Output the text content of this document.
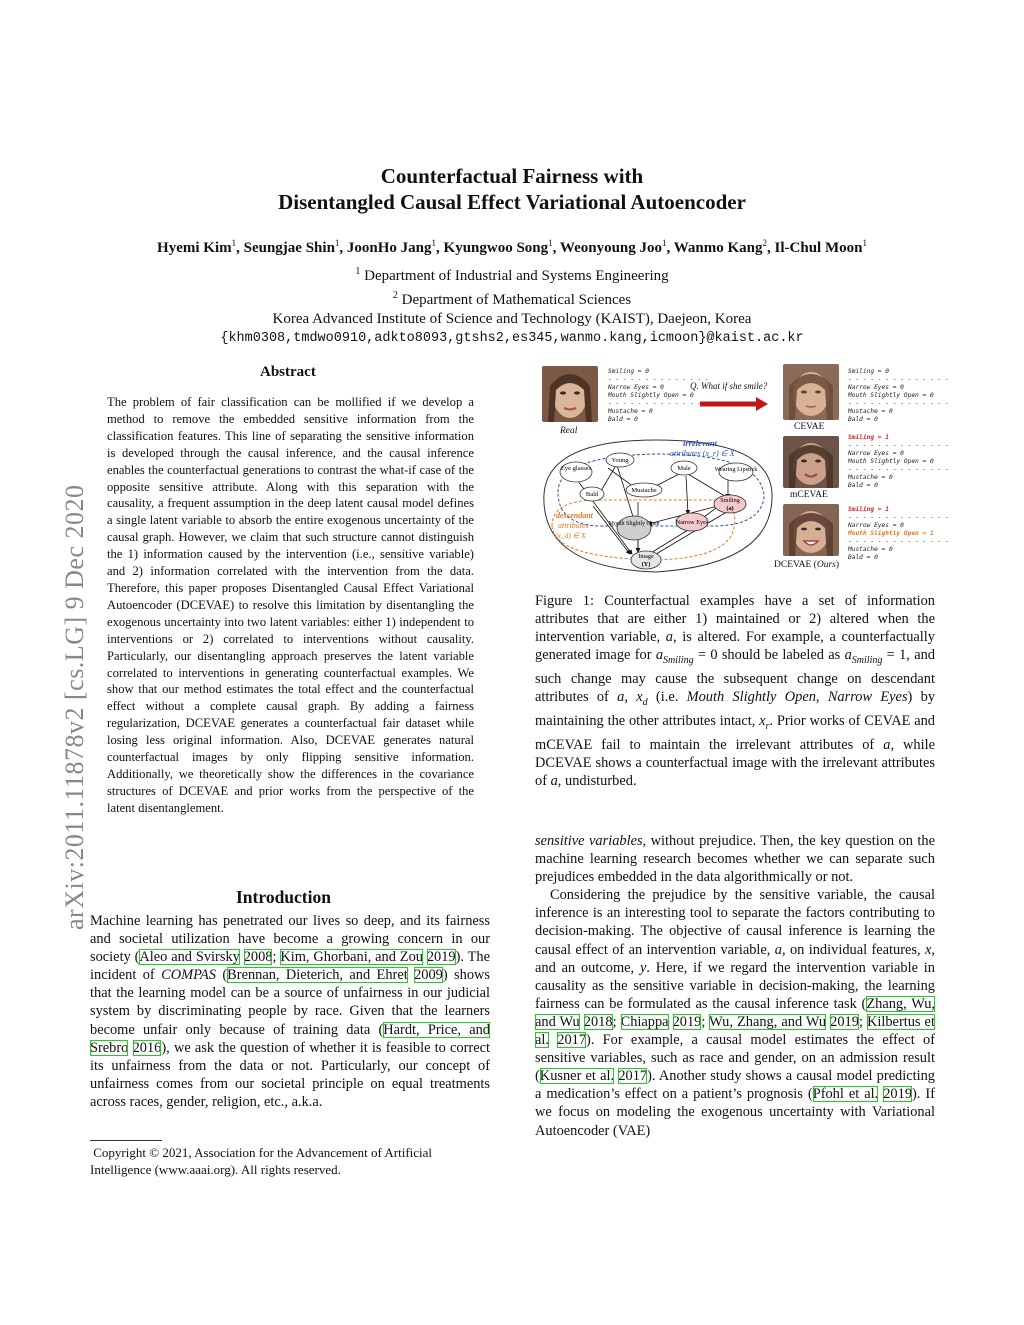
Counterfactual Fairness with
Disentangled Causal Effect Variational Autoencoder
Hyemi Kim$^1$, Seungjae Shin$^1$, JoonHo Jang$^1$, Kyungwoo Song$^1$, Weonyoung Joo$^1$, Wanmo Kang$^2$, Il-Chul Moon$^1$
$^1$ Department of Industrial and Systems Engineering
$^2$ Department of Mathematical Sciences
Korea Advanced Institute of Science and Technology (KAIST), Daejeon, Korea
{khm0308,tmdwo0910,adkto8093,gtshs2,es345,wanmo.kang,icmoon}@kaist.ac.kr
arXiv:2011.11878v2 [cs.LG] 9 Dec 2020
Abstract
The problem of fair classification can be mollified if we develop a method to remove the embedded sensitive information from the classification features. This line of separating the sensitive information is developed through the causal inference, and the causal inference enables the counterfactual generations to contrast the what-if case of the opposite sensitive attribute. Along with this separation with the causality, a frequent assumption in the deep latent causal model defines a single latent variable to absorb the entire exogenous uncertainty of the causal graph. However, we claim that such structure cannot distinguish the 1) information caused by the intervention (i.e., sensitive variable) and 2) information correlated with the intervention from the data. Therefore, this paper proposes Disentangled Causal Effect Variational Autoencoder (DCEVAE) to resolve this limitation by disentangling the exogenous uncertainty into two latent variables: either 1) independent to interventions or 2) correlated to interventions without causality. Particularly, our disentangling approach preserves the latent variable correlated to interventions in generating counterfactual examples. We show that our method estimates the total effect and the counterfactual effect without a complete causal graph. By adding a fairness regularization, DCEVAE generates a counterfactual fair dataset while losing less original information. Also, DCEVAE generates natural counterfactual images by only flipping sensitive information. Additionally, we theoretically show the differences in the covariance structures of DCEVAE and prior works from the perspective of the latent disentanglement.
Introduction
Machine learning has penetrated our lives so deep, and its fairness and societal utilization have become a growing concern in our society (Aleo and Svirsky 2008; Kim, Ghorbani, and Zou 2019). The incident of COMPAS (Brennan, Dieterich, and Ehret 2009) shows that the learning model can be a source of unfairness in our judicial system by discriminating people by race. Given that the learners become unfair only because of training data (Hardt, Price, and Srebro 2016), we ask the question of whether it is feasible to correct its unfairness from the data or not. Particularly, our concept of unfairness comes from our societal principle on equal treatments across races, gender, religion, etc., a.k.a.
Copyright © 2021, Association for the Advancement of Artificial Intelligence (www.aaai.org). All rights reserved.
Real
Smiling = 0
- - - - - - - - - - - - - -
Narrow Eyes = 0
Mouth Slightly Open = 0
- - - - - - - - - - - - - -
Mustache = 0
Bald = 0
Q. What if she smile?
CEVAE
Smiling = 0
- - - - - - - - - - - - - -
Narrow Eyes = 0
Mouth Slightly Open = 0
- - - - - - - - - - - - - -
Mustache = 0
Bald = 0
mCEVAE
Smiling = 1
- - - - - - - - - - - - - -
Narrow Eyes = 0
Mouth Slightly Open = 0
- - - - - - - - - - - - - -
Mustache = 0
Bald = 0
DCEVAE (Ours)
Smiling = 1
- - - - - - - - - - - - - -
Narrow Eyes = 0
Mouth Slightly Open = 1
- - - - - - - - - - - - - -
Mustache = 0
Bald = 0
irrelevant
attributes (x_r) ∈ X
descendant
attributes
(x_d) ∈ X
Eye glasses
Young
Male	Wearing Lipstick
Bald
Mustache
Smiling
(a)
Mouth Slightly Open	Narrow Eyes
Image
(Y)
Figure 1: Counterfactual examples have a set of information attributes that are either 1) maintained or 2) altered when the intervention variable, a, is altered. For example, a counterfactually generated image for $a_{Smiling} = 0$ should be labeled as $a_{Smiling} = 1$, and such change may cause the subsequent change on descendant attributes of a, $x_d$ (i.e. Mouth Slightly Open, Narrow Eyes) by maintaining the other attributes intact, $x_r$. Prior works of CEVAE and mCEVAE fail to maintain the irrelevant attributes of a, while DCEVAE shows a counterfactual image with the irrelevant attributes of a, undisturbed.

sensitive variables, without prejudice. Then, the key question on the machine learning research becomes whether we can separate such prejudices embedded in the data algorithmically or not.

Considering the prejudice by the sensitive variable, the causal inference is an interesting tool to separate the factors contributing to decision-making. The objective of causal inference is learning the causal effect of an intervention variable, a, on individual features, x, and an outcome, y. Here, if we regard the intervention variable in causality as the sensitive variable in decision-making, the learning fairness can be formulated as the causal inference task (Zhang, Wu, and Wu 2018; Chiappa 2019; Wu, Zhang, and Wu 2019; Kilbertus et al. 2017). For example, a causal model estimates the effect of sensitive variables, such as race and gender, on an admission result (Kusner et al. 2017). Another study shows a causal model predicting a medication’s effect on a patient’s prognosis (Pfohl et al. 2019). If we focus on modeling the exogenous uncertainty with Variational Autoencoder (VAE)
